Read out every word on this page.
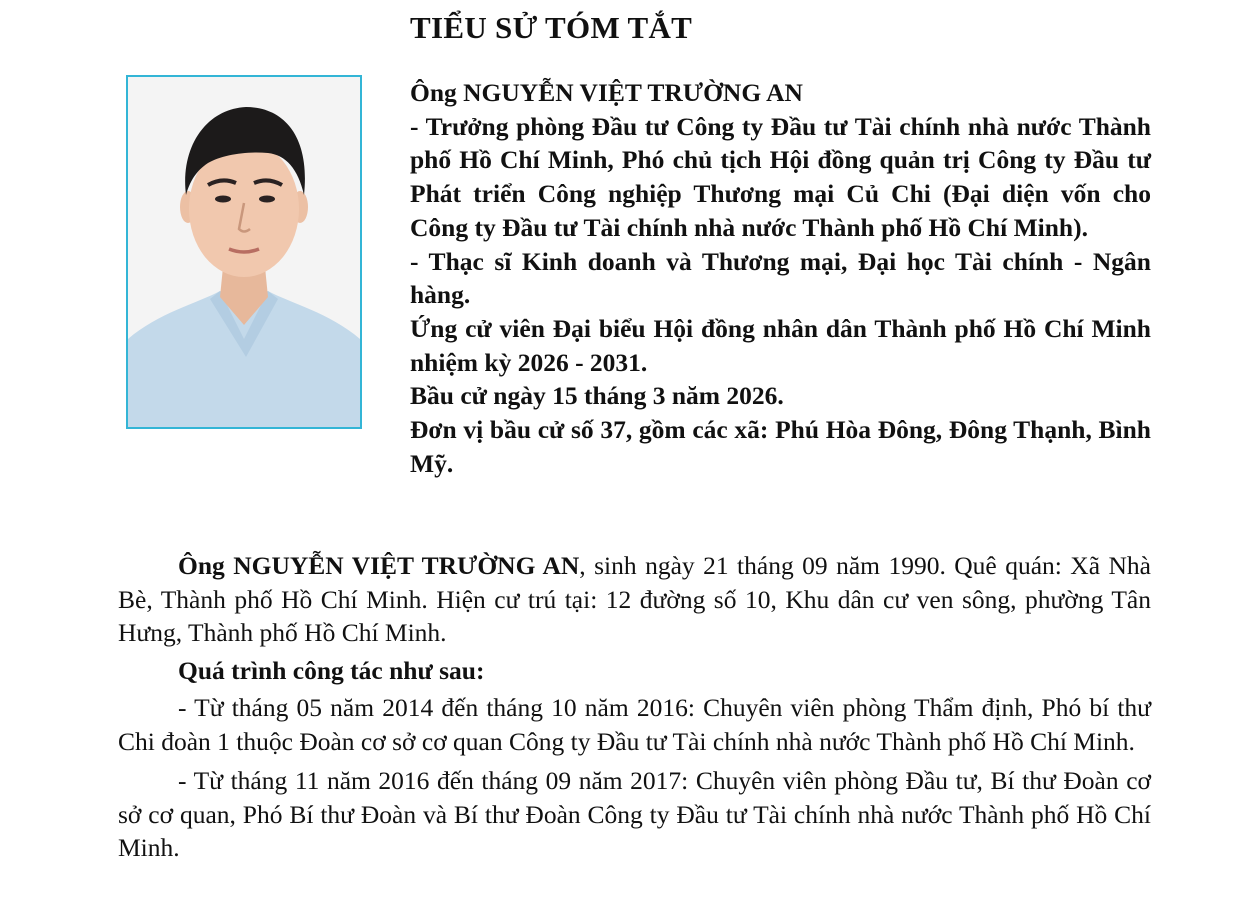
TIỂU SỬ TÓM TẮT

Ông NGUYỄN VIỆT TRƯỜNG AN

- Trưởng phòng Đầu tư Công ty Đầu tư Tài chính nhà nước Thành phố Hồ Chí Minh, Phó chủ tịch Hội đồng quản trị Công ty Đầu tư Phát triển Công nghiệp Thương mại Củ Chi (Đại diện vốn cho Công ty Đầu tư Tài chính nhà nước Thành phố Hồ Chí Minh).

- Thạc sĩ Kinh doanh và Thương mại, Đại học Tài chính - Ngân hàng.

Ứng cử viên Đại biểu Hội đồng nhân dân Thành phố Hồ Chí Minh nhiệm kỳ 2026 - 2031.

Bầu cử ngày 15 tháng 3 năm 2026.

Đơn vị bầu cử số 37, gồm các xã: Phú Hòa Đông, Đông Thạnh, Bình Mỹ.

Ông NGUYỄN VIỆT TRƯỜNG AN, sinh ngày 21 tháng 09 năm 1990. Quê quán: Xã Nhà Bè, Thành phố Hồ Chí Minh. Hiện cư trú tại: 12 đường số 10, Khu dân cư ven sông, phường Tân Hưng, Thành phố Hồ Chí Minh.

Quá trình công tác như sau:

- Từ tháng 05 năm 2014 đến tháng 10 năm 2016: Chuyên viên phòng Thẩm định, Phó bí thư Chi đoàn 1 thuộc Đoàn cơ sở cơ quan Công ty Đầu tư Tài chính nhà nước Thành phố Hồ Chí Minh.

- Từ tháng 11 năm 2016 đến tháng 09 năm 2017: Chuyên viên phòng Đầu tư, Bí thư Đoàn cơ sở cơ quan, Phó Bí thư Đoàn và Bí thư Đoàn Công ty Đầu tư Tài chính nhà nước Thành phố Hồ Chí Minh.
